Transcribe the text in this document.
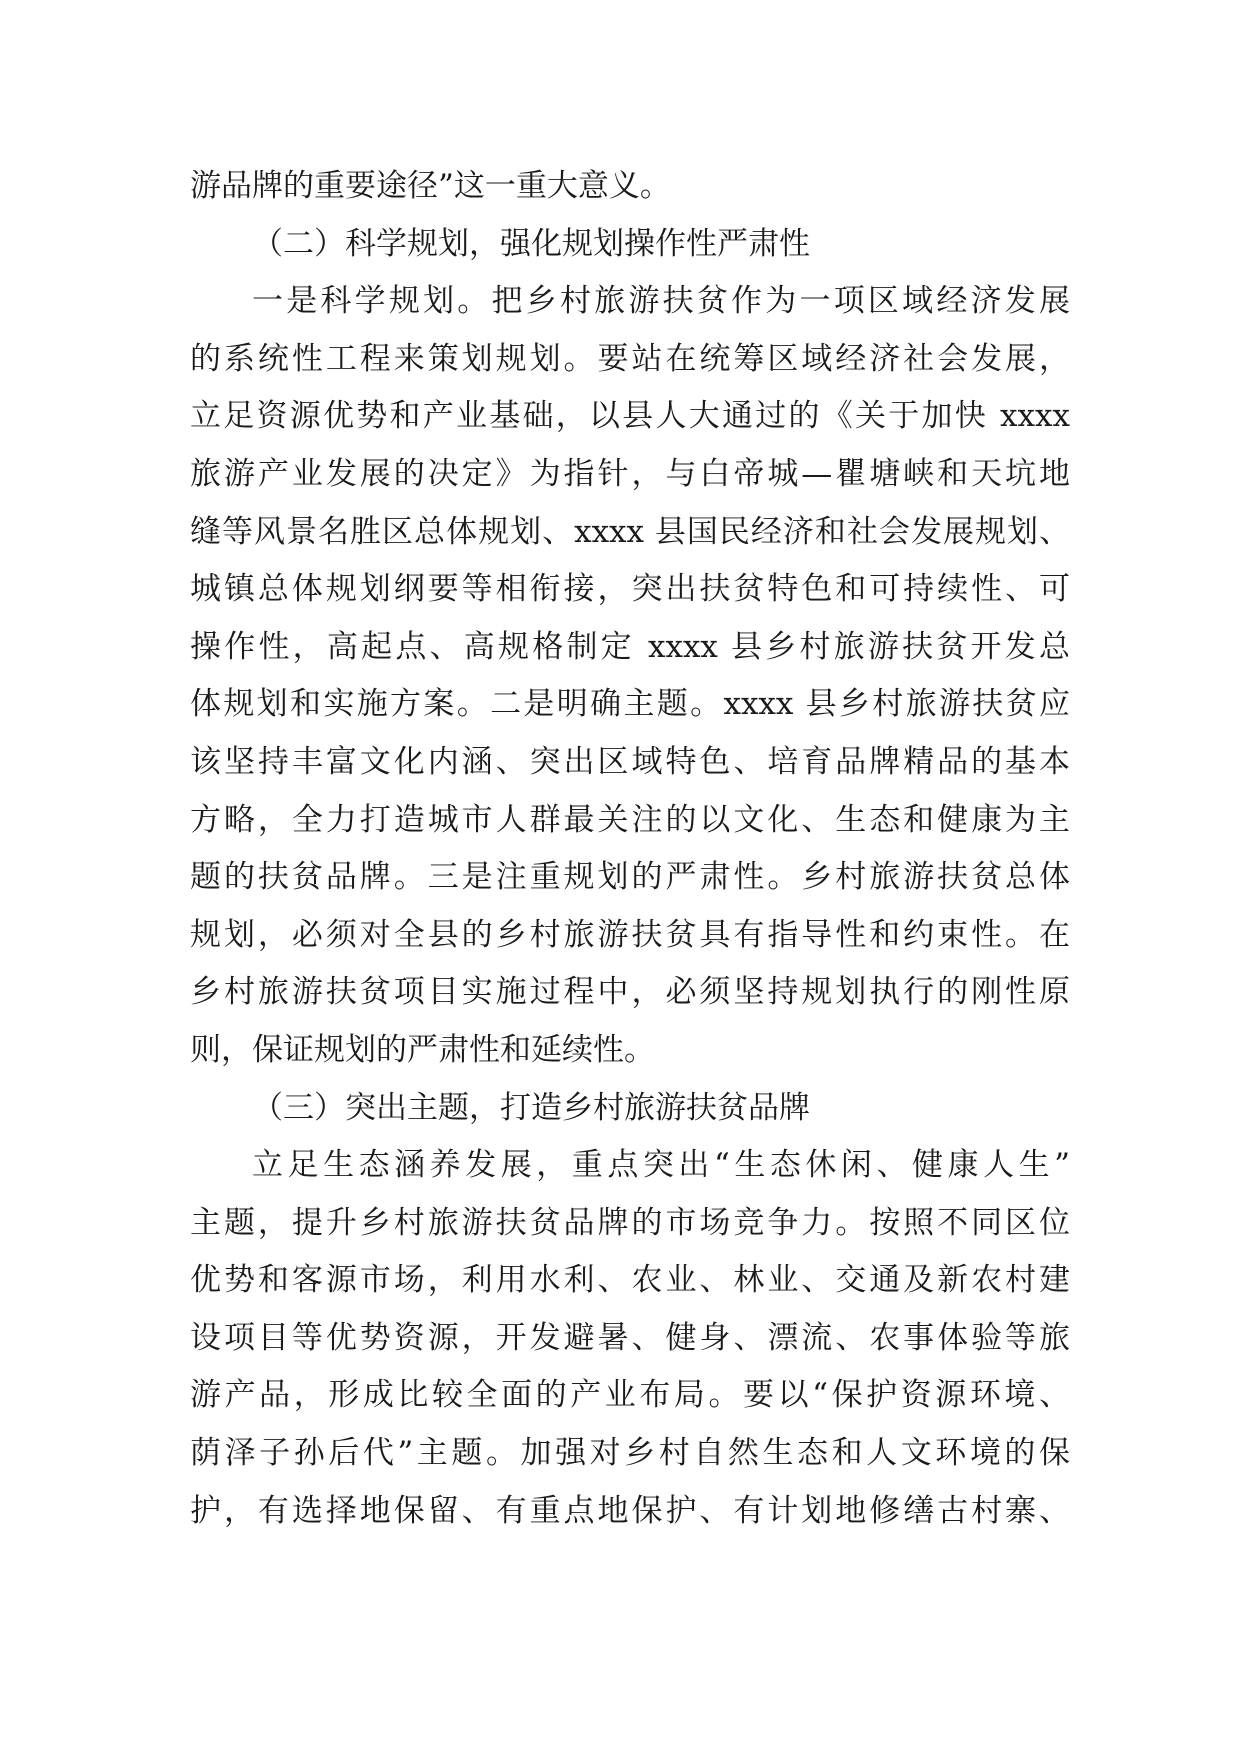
游品牌的重要途径”这一重大意义。
（二）科学规划，强化规划操作性严肃性
一是科学规划。把乡村旅游扶贫作为一项区域经济发展
的系统性工程来策划规划。要站在统筹区域经济社会发展，
立足资源优势和产业基础，以县人大通过的《关于加快 xxxx
旅游产业发展的决定》为指针，与白帝城—瞿塘峡和天坑地
缝等风景名胜区总体规划、xxxx 县国民经济和社会发展规划、
城镇总体规划纲要等相衔接，突出扶贫特色和可持续性、可
操作性，高起点、高规格制定 xxxx 县乡村旅游扶贫开发总
体规划和实施方案。二是明确主题。xxxx 县乡村旅游扶贫应
该坚持丰富文化内涵、突出区域特色、培育品牌精品的基本
方略，全力打造城市人群最关注的以文化、生态和健康为主
题的扶贫品牌。三是注重规划的严肃性。乡村旅游扶贫总体
规划，必须对全县的乡村旅游扶贫具有指导性和约束性。在
乡村旅游扶贫项目实施过程中，必须坚持规划执行的刚性原
则，保证规划的严肃性和延续性。
（三）突出主题，打造乡村旅游扶贫品牌
立足生态涵养发展，重点突出“生态休闲、健康人生”
主题，提升乡村旅游扶贫品牌的市场竞争力。按照不同区位
优势和客源市场，利用水利、农业、林业、交通及新农村建
设项目等优势资源，开发避暑、健身、漂流、农事体验等旅
游产品，形成比较全面的产业布局。要以“保护资源环境、
荫泽子孙后代”主题。加强对乡村自然生态和人文环境的保
护，有选择地保留、有重点地保护、有计划地修缮古村寨、
